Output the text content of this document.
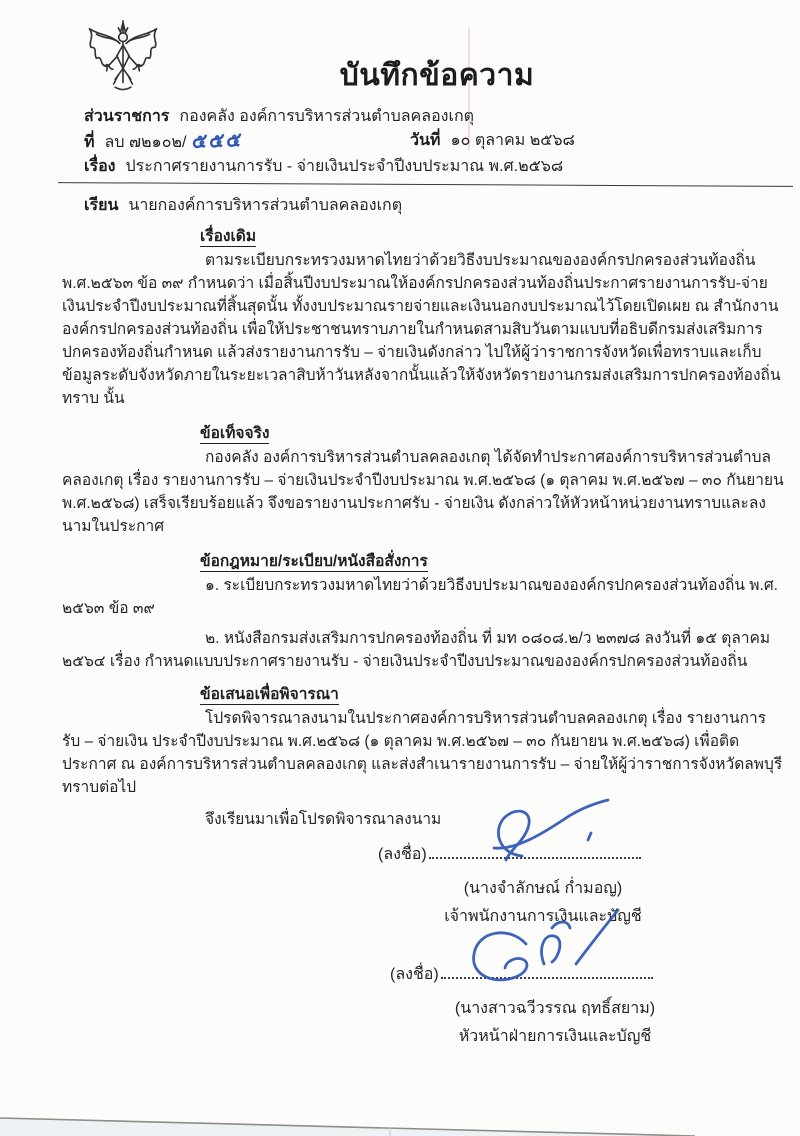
บันทึกข้อความ
ส่วนราชการ กองคลัง องค์การบริหารส่วนตำบลคลองเกตุ
ที่ ลบ ๗๒๑๐๒/ ๕๕๕	วันที่ ๑๐ ตุลาคม ๒๕๖๘
เรื่อง ประกาศรายงานการรับ - จ่ายเงินประจำปีงบประมาณ พ.ศ.๒๕๖๘
เรียน นายกองค์การบริหารส่วนตำบลคลองเกตุ
เรื่องเดิม

ตามระเบียบกระทรวงมหาดไทยว่าด้วยวิธีงบประมาณขององค์กรปกครองส่วนท้องถิ่น พ.ศ.๒๕๖๓ ข้อ ๓๙ กำหนดว่า เมื่อสิ้นปีงบประมาณให้องค์กรปกครองส่วนท้องถิ่นประกาศรายงานการรับ-จ่ายเงินประจำปีงบประมาณที่สิ้นสุดนั้น ทั้งงบประมาณรายจ่ายและเงินนอกงบประมาณไว้โดยเปิดเผย ณ สำนักงานองค์กรปกครองส่วนท้องถิ่น เพื่อให้ประชาชนทราบภายในกำหนดสามสิบวันตามแบบที่อธิบดีกรมส่งเสริมการปกครองท้องถิ่นกำหนด แล้วส่งรายงานการรับ – จ่ายเงินดังกล่าว ไปให้ผู้ว่าราชการจังหวัดเพื่อทราบและเก็บข้อมูลระดับจังหวัดภายในระยะเวลาสิบห้าวันหลังจากนั้นแล้วให้จังหวัดรายงานกรมส่งเสริมการปกครองท้องถิ่นทราบ นั้น

ข้อเท็จจริง

กองคลัง องค์การบริหารส่วนตำบลคลองเกตุ ได้จัดทำประกาศองค์การบริหารส่วนตำบลคลองเกตุ เรื่อง รายงานการรับ – จ่ายเงินประจำปีงบประมาณ พ.ศ.๒๕๖๘ (๑ ตุลาคม พ.ศ.๒๕๖๗ – ๓๐ กันยายน พ.ศ.๒๕๖๘) เสร็จเรียบร้อยแล้ว จึงขอรายงานประกาศรับ - จ่ายเงิน ดังกล่าวให้หัวหน้าหน่วยงานทราบและลงนามในประกาศ

ข้อกฎหมาย/ระเบียบ/หนังสือสั่งการ

๑. ระเบียบกระทรวงมหาดไทยว่าด้วยวิธีงบประมาณขององค์กรปกครองส่วนท้องถิ่น พ.ศ. ๒๕๖๓ ข้อ ๓๙

๒. หนังสือกรมส่งเสริมการปกครองท้องถิ่น ที่ มท ๐๘๐๘.๒/ว ๒๓๗๘ ลงวันที่ ๑๕ ตุลาคม ๒๕๖๔ เรื่อง กำหนดแบบประกาศรายงานรับ - จ่ายเงินประจำปีงบประมาณขององค์กรปกครองส่วนท้องถิ่น

ข้อเสนอเพื่อพิจารณา

โปรดพิจารณาลงนามในประกาศองค์การบริหารส่วนตำบลคลองเกตุ เรื่อง รายงานการรับ – จ่ายเงิน ประจำปีงบประมาณ พ.ศ.๒๕๖๘ (๑ ตุลาคม พ.ศ.๒๕๖๗ – ๓๐ กันยายน พ.ศ.๒๕๖๘) เพื่อติดประกาศ ณ องค์การบริหารส่วนตำบลคลองเกตุ และส่งสำเนารายงานการรับ – จ่ายให้ผู้ว่าราชการจังหวัดลพบุรี ทราบต่อไป

จึงเรียนมาเพื่อโปรดพิจารณาลงนาม

(ลงชื่อ)
(นางจำลักษณ์ ก่ำมอญ)
เจ้าพนักงานการเงินและบัญชี
(ลงชื่อ)
(นางสาวฉวีวรรณ ฤทธิ์สยาม)
หัวหน้าฝ่ายการเงินและบัญชี
